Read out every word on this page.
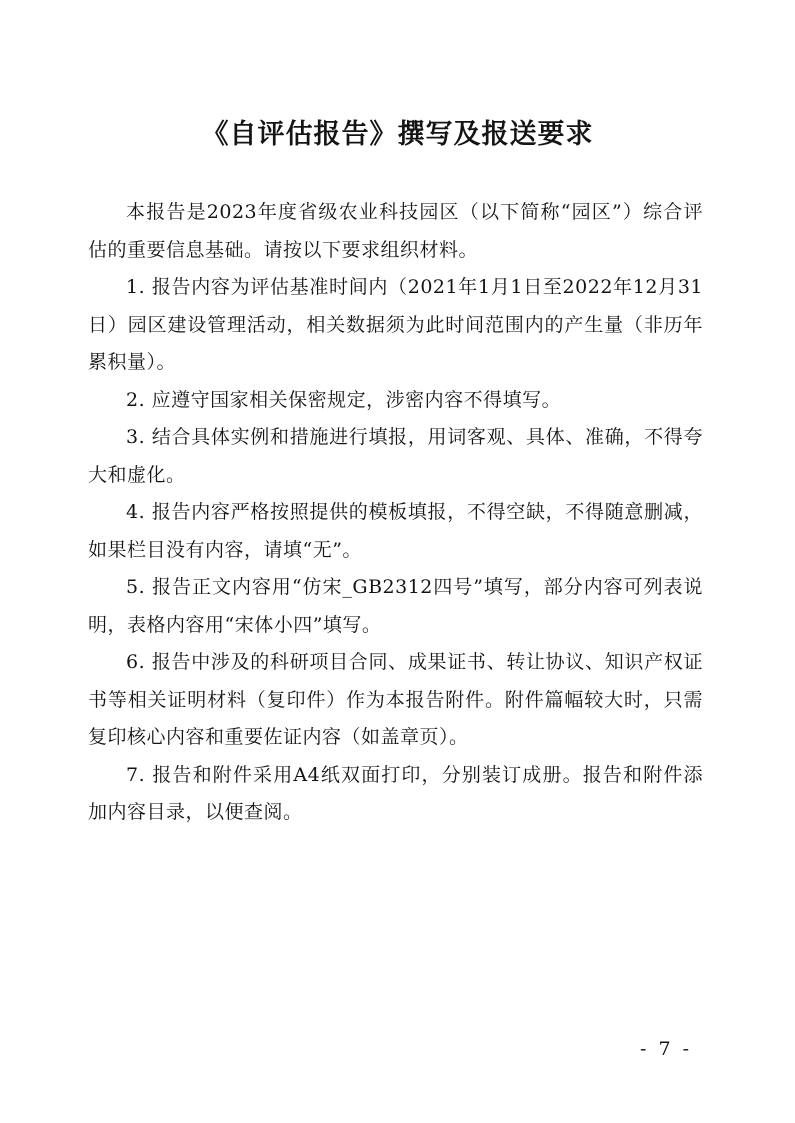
《自评估报告》撰写及报送要求

本报告是2023年度省级农业科技园区（以下简称“园区”）综合评估的重要信息基础。请按以下要求组织材料。

1. 报告内容为评估基准时间内（2021年1月1日至2022年12月31日）园区建设管理活动，相关数据须为此时间范围内的产生量（非历年累积量）。

2. 应遵守国家相关保密规定，涉密内容不得填写。

3. 结合具体实例和措施进行填报，用词客观、具体、准确，不得夸大和虚化。

4. 报告内容严格按照提供的模板填报，不得空缺，不得随意删减，如果栏目没有内容，请填“无”。

5. 报告正文内容用“仿宋_GB2312四号”填写，部分内容可列表说明，表格内容用“宋体小四”填写。

6. 报告中涉及的科研项目合同、成果证书、转让协议、知识产权证书等相关证明材料（复印件）作为本报告附件。附件篇幅较大时，只需复印核心内容和重要佐证内容（如盖章页）。

7. 报告和附件采用A4纸双面打印，分别装订成册。报告和附件添加内容目录，以便查阅。

- 7 -
